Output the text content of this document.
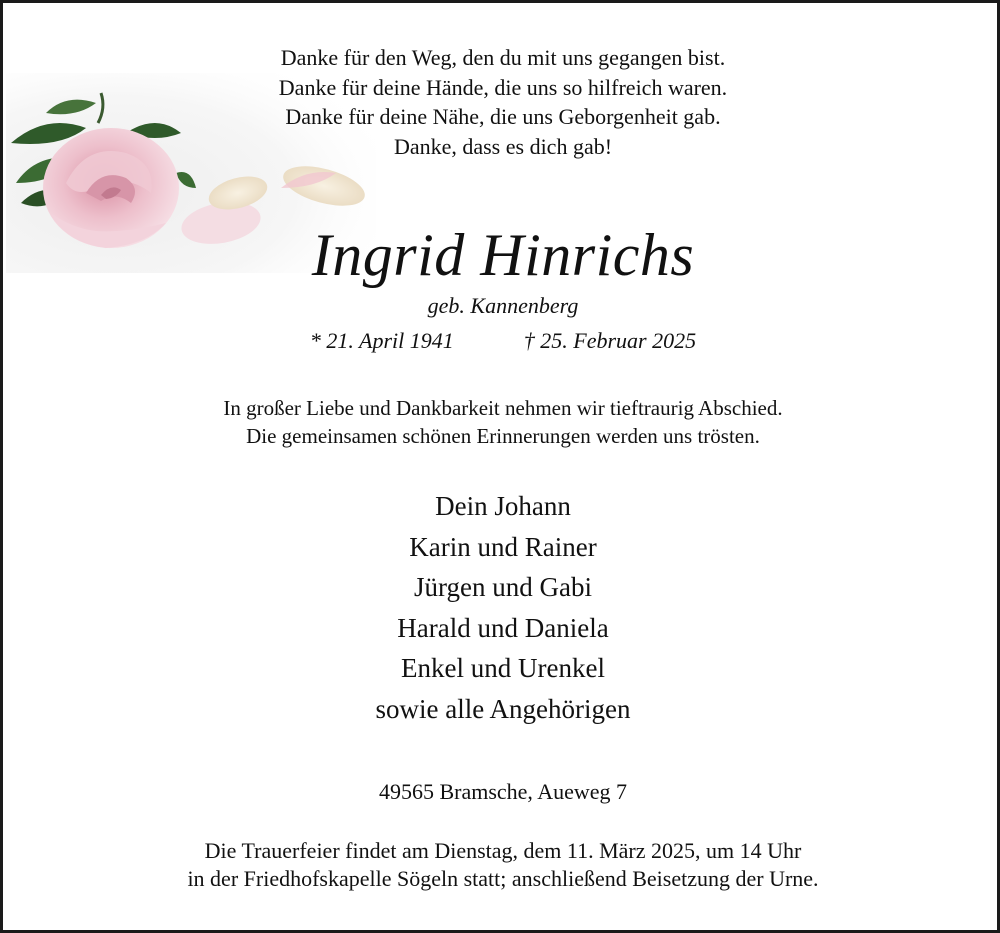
Danke für den Weg, den du mit uns gegangen bist.
Danke für deine Hände, die uns so hilfreich waren.
Danke für deine Nähe, die uns Geborgenheit gab.
Danke, dass es dich gab!
Ingrid Hinrichs
geb. Kannenberg
* 21. April 1941	† 25. Februar 2025
In großer Liebe und Dankbarkeit nehmen wir tieftraurig Abschied.
Die gemeinsamen schönen Erinnerungen werden uns trösten.
Dein Johann
Karin und Rainer
Jürgen und Gabi
Harald und Daniela
Enkel und Urenkel
sowie alle Angehörigen
49565 Bramsche, Aueweg 7
Die Trauerfeier findet am Dienstag, dem 11. März 2025, um 14 Uhr
in der Friedhofskapelle Sögeln statt; anschließend Beisetzung der Urne.
